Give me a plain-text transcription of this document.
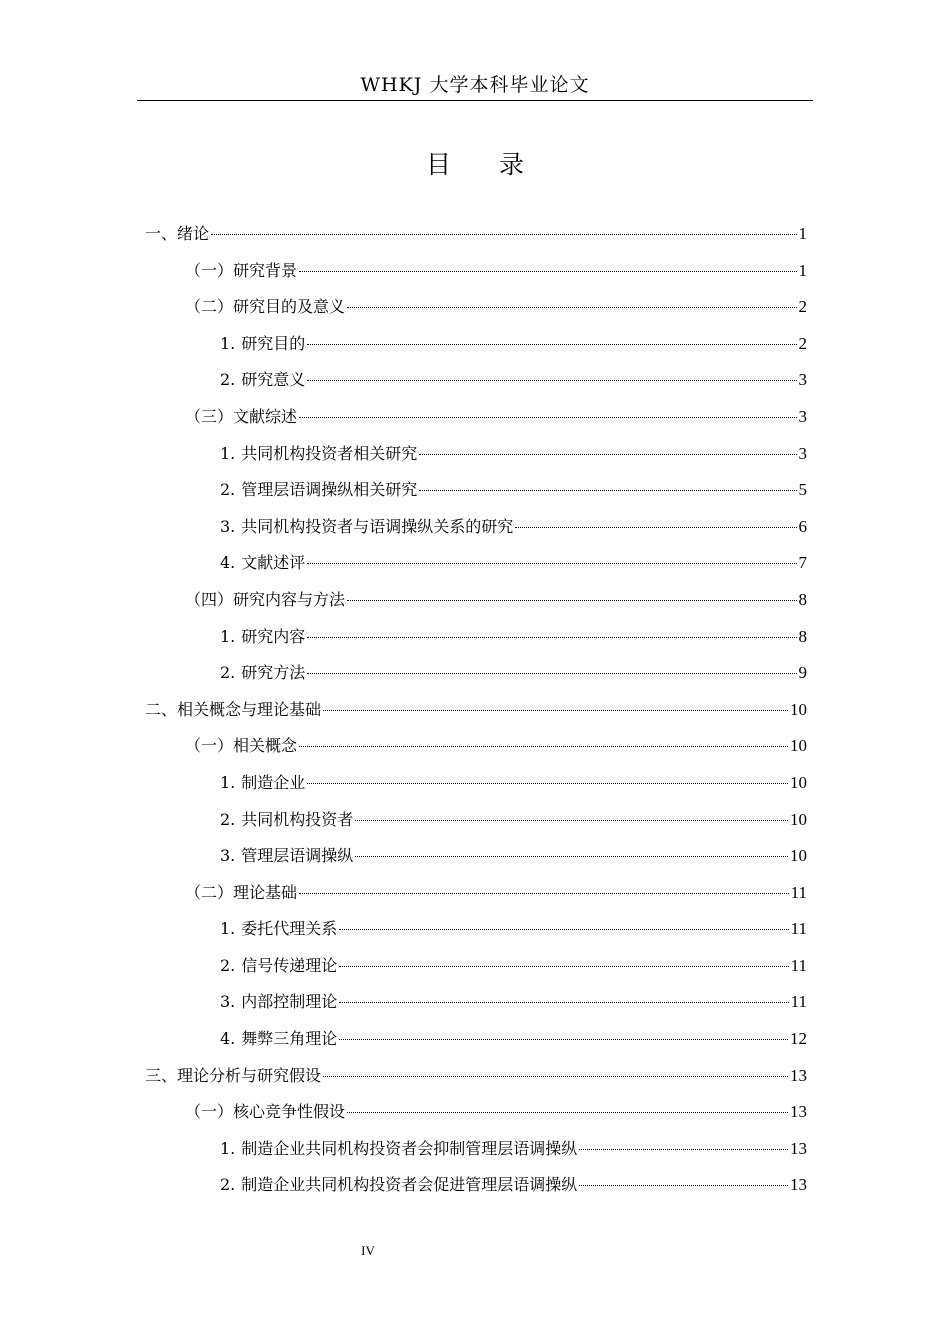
WHKJ 大学本科毕业论文
目 录
一、绪论	1
（一）研究背景	1
（二）研究目的及意义	2
1. 研究目的	2
2. 研究意义	3
（三）文献综述	3
1. 共同机构投资者相关研究	3
2. 管理层语调操纵相关研究	5
3. 共同机构投资者与语调操纵关系的研究	6
4. 文献述评	7
（四）研究内容与方法	8
1. 研究内容	8
2. 研究方法	9
二、相关概念与理论基础	10
（一）相关概念	10
1. 制造企业	10
2. 共同机构投资者	10
3. 管理层语调操纵	10
（二）理论基础	11
1. 委托代理关系	11
2. 信号传递理论	11
3. 内部控制理论	11
4. 舞弊三角理论	12
三、理论分析与研究假设	13
（一）核心竞争性假设	13
1. 制造企业共同机构投资者会抑制管理层语调操纵	13
2. 制造企业共同机构投资者会促进管理层语调操纵	13
IV
